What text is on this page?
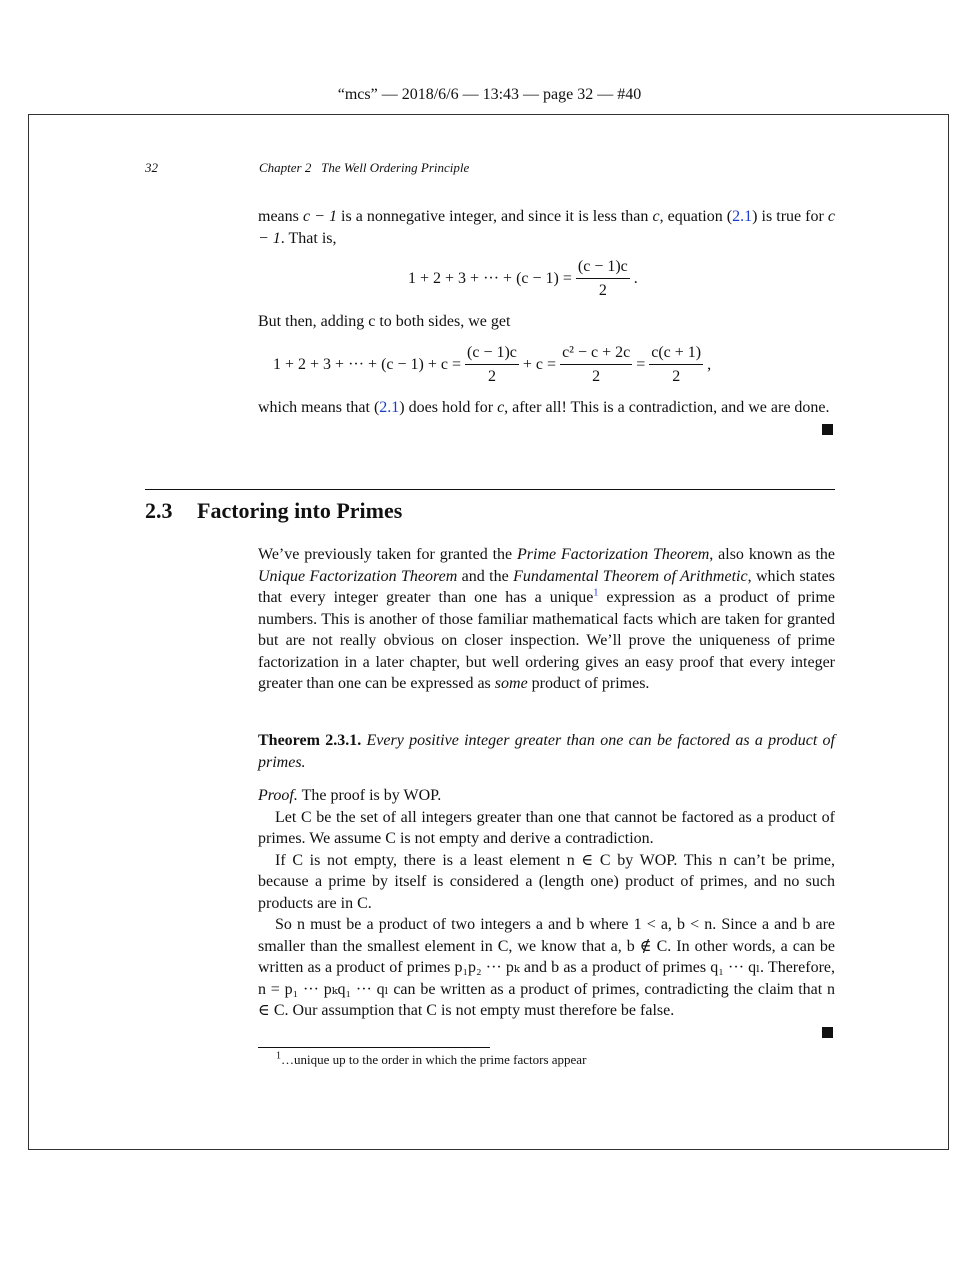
“mcs” — 2018/6/6 — 13:43 — page 32 — #40
32	Chapter 2   The Well Ordering Principle
means c − 1 is a nonnegative integer, and since it is less than c, equation (2.1) is true for c − 1. That is,
1 + 2 + 3 + ··· + $(c - 1) = \frac{(c - 1)c}{2}$ .
But then, adding c to both sides, we get
1 + 2 + 3 + ··· + $(c - 1) + c = \frac{(c - 1)c}{2} + c = \frac{\text{c² − c + 2c}}{2} = \frac{c(c + 1)}{2}$ ,
which means that (2.1) does hold for c, after all! This is a contradiction, and we are done.
2.3 Factoring into Primes
We’ve previously taken for granted the Prime Factorization Theorem, also known as the Unique Factorization Theorem and the Fundamental Theorem of Arithmetic, which states that every integer greater than one has a unique$^1$ expression as a product of prime numbers. This is another of those familiar mathematical facts which are taken for granted but are not really obvious on closer inspection. We’ll prove the uniqueness of prime factorization in a later chapter, but well ordering gives an easy proof that every integer greater than one can be expressed as some product of primes.
Theorem 2.3.1. Every positive integer greater than one can be factored as a product of primes.

Proof. The proof is by WOP.

Let C be the set of all integers greater than one that cannot be factored as a product of primes. We assume C is not empty and derive a contradiction.

If C is not empty, there is a least element n ∈ C by WOP. This n can’t be prime, because a prime by itself is considered a (length one) product of primes, and no such products are in C.

So n must be a product of two integers a and b where 1 < a, b < n. Since a and b are smaller than the smallest element in C, we know that a, b ∉ C. In other words, a can be written as a product of primes p₁p₂ ··· pₖ and b as a product of primes q₁ ··· qₗ. Therefore, n = p₁ ··· pₖq₁ ··· qₗ can be written as a product of primes, contradicting the claim that n ∈ C. Our assumption that C is not empty must therefore be false.

$^1$…unique up to the order in which the prime factors appear
